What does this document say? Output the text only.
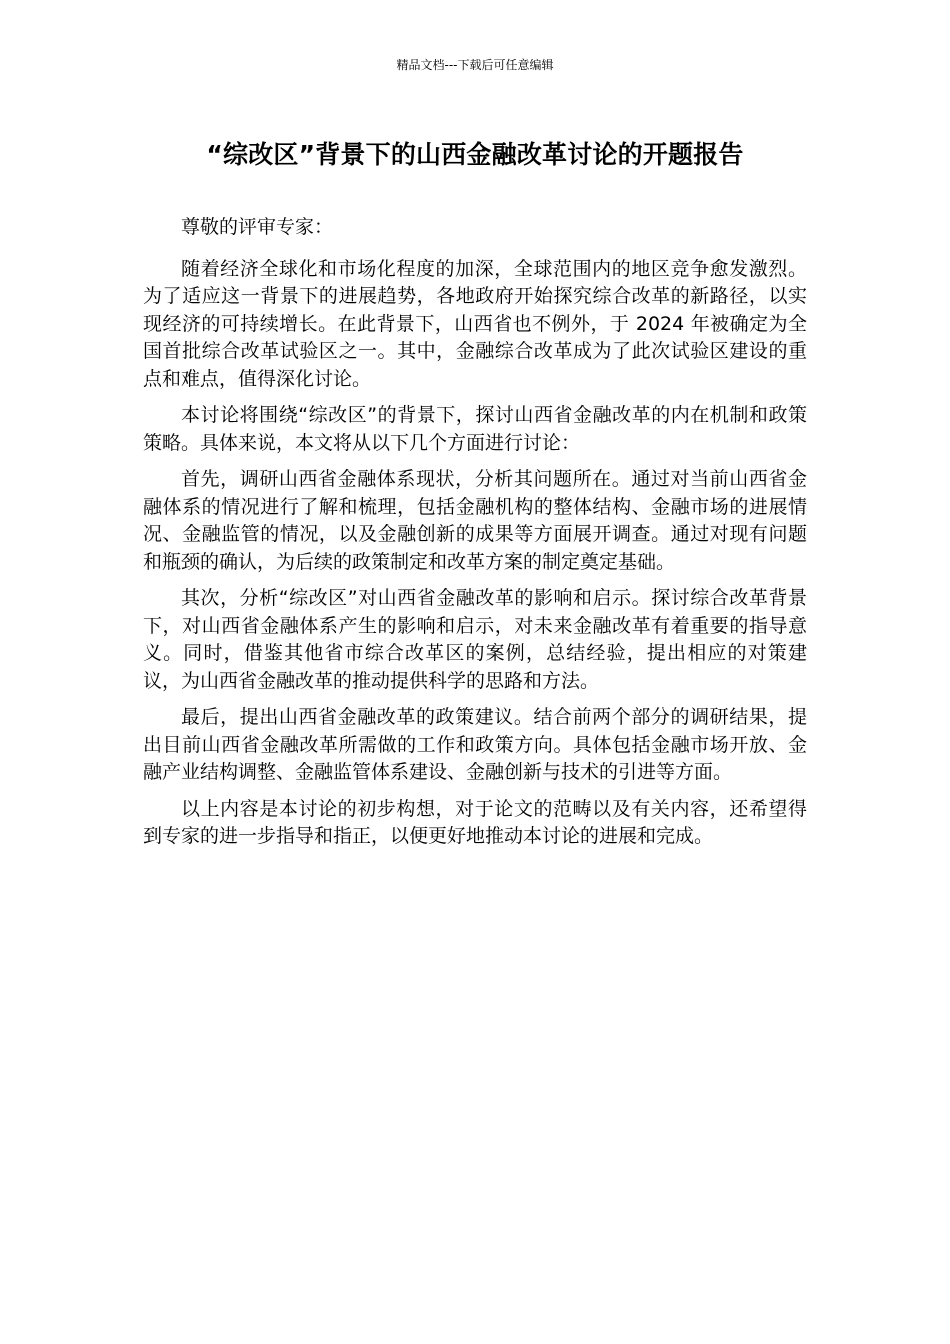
精品文档---下载后可任意编辑
“综改区”背景下的山西金融改革讨论的开题报告

尊敬的评审专家：

随着经济全球化和市场化程度的加深，全球范围内的地区竞争愈发激烈。为了适应这一背景下的进展趋势，各地政府开始探究综合改革的新路径，以实现经济的可持续增长。在此背景下，山西省也不例外，于 2024 年被确定为全国首批综合改革试验区之一。其中，金融综合改革成为了此次试验区建设的重点和难点，值得深化讨论。

本讨论将围绕“综改区”的背景下，探讨山西省金融改革的内在机制和政策策略。具体来说，本文将从以下几个方面进行讨论：

首先，调研山西省金融体系现状，分析其问题所在。通过对当前山西省金融体系的情况进行了解和梳理，包括金融机构的整体结构、金融市场的进展情况、金融监管的情况，以及金融创新的成果等方面展开调查。通过对现有问题和瓶颈的确认，为后续的政策制定和改革方案的制定奠定基础。

其次，分析“综改区”对山西省金融改革的影响和启示。探讨综合改革背景下，对山西省金融体系产生的影响和启示，对未来金融改革有着重要的指导意义。同时，借鉴其他省市综合改革区的案例，总结经验，提出相应的对策建议，为山西省金融改革的推动提供科学的思路和方法。

最后，提出山西省金融改革的政策建议。结合前两个部分的调研结果，提出目前山西省金融改革所需做的工作和政策方向。具体包括金融市场开放、金融产业结构调整、金融监管体系建设、金融创新与技术的引进等方面。

以上内容是本讨论的初步构想，对于论文的范畴以及有关内容，还希望得到专家的进一步指导和指正，以便更好地推动本讨论的进展和完成。
